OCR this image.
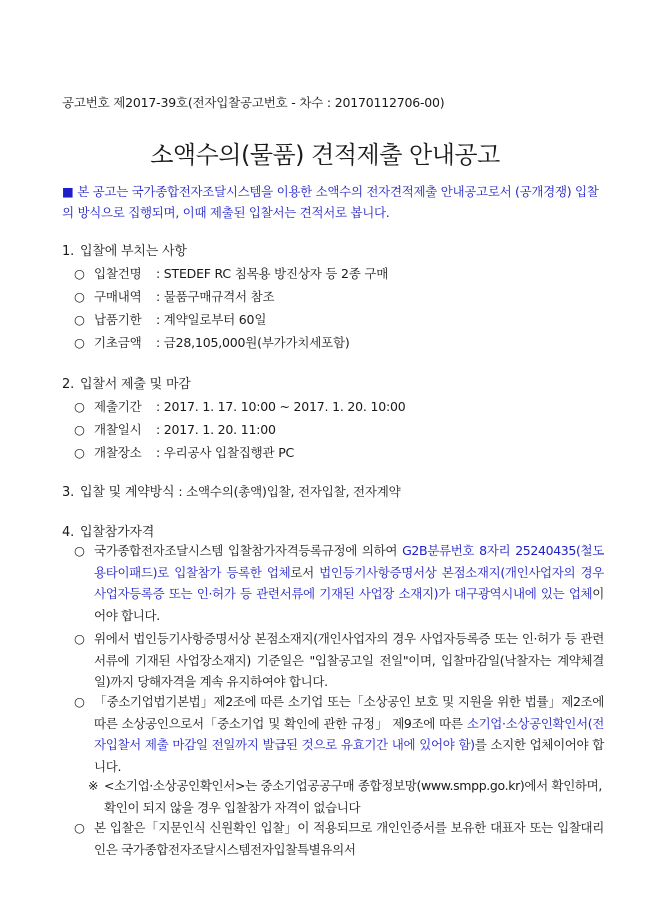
공고번호 제2017-39호(전자입찰공고번호 - 차수 : 20170112706-00)
소액수의(물품) 견적제출 안내공고
■ 본 공고는 국가종합전자조달시스템을 이용한 소액수의 전자견적제출 안내공고로서 (공개경쟁) 입찰의 방식으로 집행되며, 이때 제출된 입찰서는 견적서로 봅니다.
1. 입찰에 부치는 사항
○ 입찰건명 : STEDEF RC 침목용 방진상자 등 2종 구매
○ 구매내역 : 물품구매규격서 참조
○ 납품기한 : 계약일로부터 60일
○ 기초금액 : 금28,105,000원(부가가치세포함)
2. 입찰서 제출 및 마감
○ 제출기간 : 2017. 1. 17. 10:00 ~ 2017. 1. 20. 10:00
○ 개찰일시 : 2017. 1. 20. 11:00
○ 개찰장소 : 우리공사 입찰집행관 PC
3. 입찰 및 계약방식 : 소액수의(총액)입찰, 전자입찰, 전자계약
4. 입찰참가자격
○ 국가종합전자조달시스템 입찰참가자격등록규정에 의하여 G2B분류번호 8자리 25240435(철도용타이패드)로 입찰참가 등록한 업체로서 법인등기사항증명서상 본점소재지(개인사업자의 경우 사업자등록증 또는 인·허가 등 관련서류에 기재된 사업장 소재지)가 대구광역시내에 있는 업체이어야 합니다.
○ 위에서 법인등기사항증명서상 본점소재지(개인사업자의 경우 사업자등록증 또는 인·허가 등 관련서류에 기재된 사업장소재지) 기준일은 "입찰공고일 전일"이며, 입찰마감일(낙찰자는 계약체결일)까지 당해자격을 계속 유지하여야 합니다.
○ 「중소기업법기본법」제2조에 따른 소기업 또는「소상공인 보호 및 지원을 위한 법률」제2조에 따른 소상공인으로서「중소기업 및 확인에 관한 규정」 제9조에 따른 소기업·소상공인확인서(전자입찰서 제출 마감일 전일까지 발급된 것으로 유효기간 내에 있어야 함)를 소지한 업체이어야 합니다.
※ <소기업·소상공인확인서>는 중소기업공공구매 종합정보망(www.smpp.go.kr)에서 확인하며, 확인이 되지 않을 경우 입찰참가 자격이 없습니다
○ 본 입찰은「지문인식 신원확인 입찰」이 적용되므로 개인인증서를 보유한 대표자 또는 입찰대리인은 국가종합전자조달시스템전자입찰특별유의서
